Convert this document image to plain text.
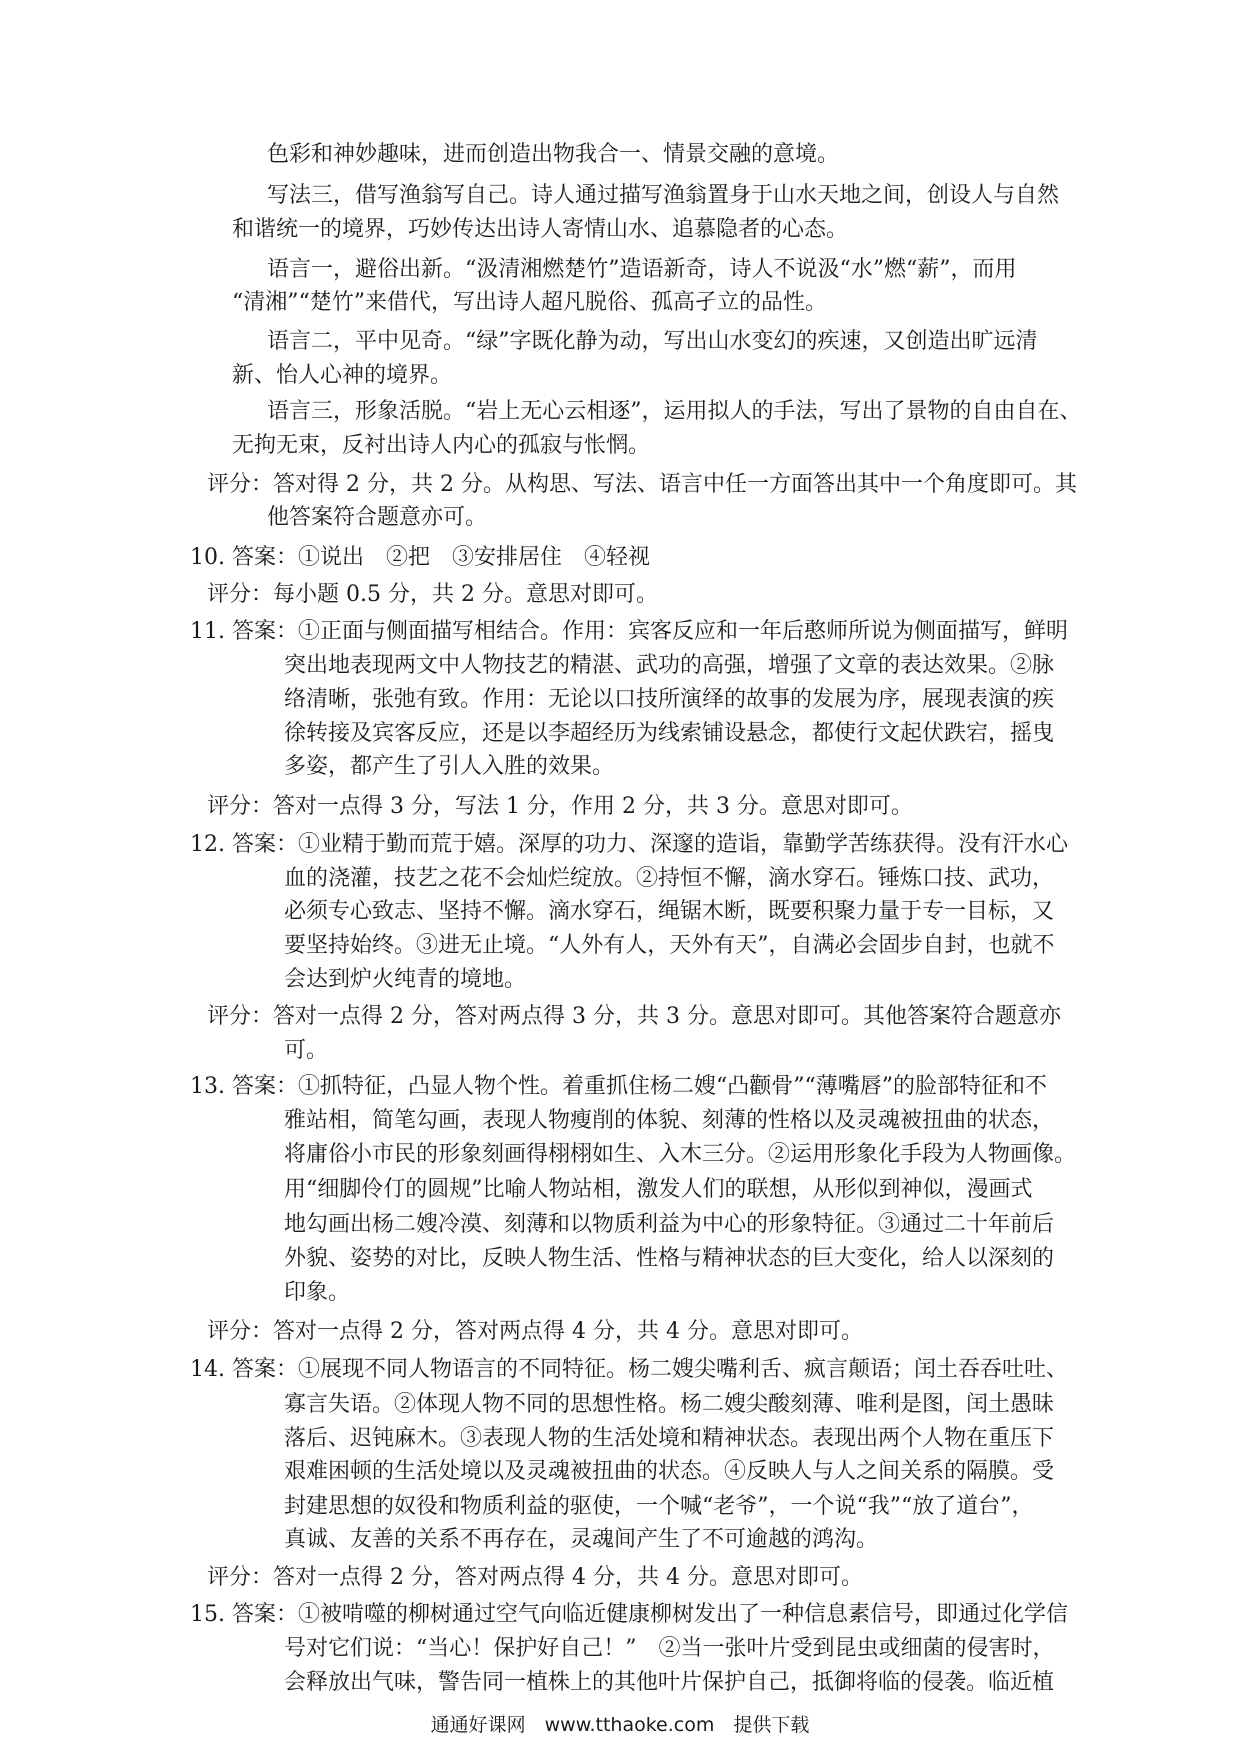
色彩和神妙趣味，进而创造出物我合一、情景交融的意境。
写法三，借写渔翁写自己。诗人通过描写渔翁置身于山水天地之间，创设人与自然
和谐统一的境界，巧妙传达出诗人寄情山水、追慕隐者的心态。
语言一，避俗出新。“汲清湘燃楚竹”造语新奇，诗人不说汲“水”燃“薪”，而用
“清湘”“楚竹”来借代，写出诗人超凡脱俗、孤高孑立的品性。
语言二，平中见奇。“绿”字既化静为动，写出山水变幻的疾速，又创造出旷远清
新、怡人心神的境界。
语言三，形象活脱。“岩上无心云相逐”，运用拟人的手法，写出了景物的自由自在、
无拘无束，反衬出诗人内心的孤寂与怅惘。
评分：答对得 2 分，共 2 分。从构思、写法、语言中任一方面答出其中一个角度即可。其
他答案符合题意亦可。
10. 答案：①说出　②把　③安排居住　④轻视
评分：每小题 0.5 分，共 2 分。意思对即可。
11. 答案：①正面与侧面描写相结合。作用：宾客反应和一年后憨师所说为侧面描写，鲜明
突出地表现两文中人物技艺的精湛、武功的高强，增强了文章的表达效果。②脉
络清晰，张弛有致。作用：无论以口技所演绎的故事的发展为序，展现表演的疾
徐转接及宾客反应，还是以李超经历为线索铺设悬念，都使行文起伏跌宕，摇曳
多姿，都产生了引人入胜的效果。
评分：答对一点得 3 分，写法 1 分，作用 2 分，共 3 分。意思对即可。
12. 答案：①业精于勤而荒于嬉。深厚的功力、深邃的造诣，靠勤学苦练获得。没有汗水心
血的浇灌，技艺之花不会灿烂绽放。②持恒不懈，滴水穿石。锤炼口技、武功，
必须专心致志、坚持不懈。滴水穿石，绳锯木断，既要积聚力量于专一目标，又
要坚持始终。③进无止境。“人外有人，天外有天”，自满必会固步自封，也就不
会达到炉火纯青的境地。
评分：答对一点得 2 分，答对两点得 3 分，共 3 分。意思对即可。其他答案符合题意亦
可。
13. 答案：①抓特征，凸显人物个性。着重抓住杨二嫂“凸颧骨”“薄嘴唇”的脸部特征和不
雅站相，简笔勾画，表现人物瘦削的体貌、刻薄的性格以及灵魂被扭曲的状态，
将庸俗小市民的形象刻画得栩栩如生、入木三分。②运用形象化手段为人物画像。
用“细脚伶仃的圆规”比喻人物站相，激发人们的联想，从形似到神似，漫画式
地勾画出杨二嫂冷漠、刻薄和以物质利益为中心的形象特征。③通过二十年前后
外貌、姿势的对比，反映人物生活、性格与精神状态的巨大变化，给人以深刻的
印象。
评分：答对一点得 2 分，答对两点得 4 分，共 4 分。意思对即可。
14. 答案：①展现不同人物语言的不同特征。杨二嫂尖嘴利舌、疯言颠语；闰土吞吞吐吐、
寡言失语。②体现人物不同的思想性格。杨二嫂尖酸刻薄、唯利是图，闰土愚昧
落后、迟钝麻木。③表现人物的生活处境和精神状态。表现出两个人物在重压下
艰难困顿的生活处境以及灵魂被扭曲的状态。④反映人与人之间关系的隔膜。受
封建思想的奴役和物质利益的驱使，一个喊“老爷”，一个说“我”“放了道台”，
真诚、友善的关系不再存在，灵魂间产生了不可逾越的鸿沟。
评分：答对一点得 2 分，答对两点得 4 分，共 4 分。意思对即可。
15. 答案：①被啃噬的柳树通过空气向临近健康柳树发出了一种信息素信号，即通过化学信
号对它们说：“当心！保护好自己！”　②当一张叶片受到昆虫或细菌的侵害时，
会释放出气味，警告同一植株上的其他叶片保护自己，抵御将临的侵袭。临近植
通通好课网　www.tthaoke.com　提供下载
